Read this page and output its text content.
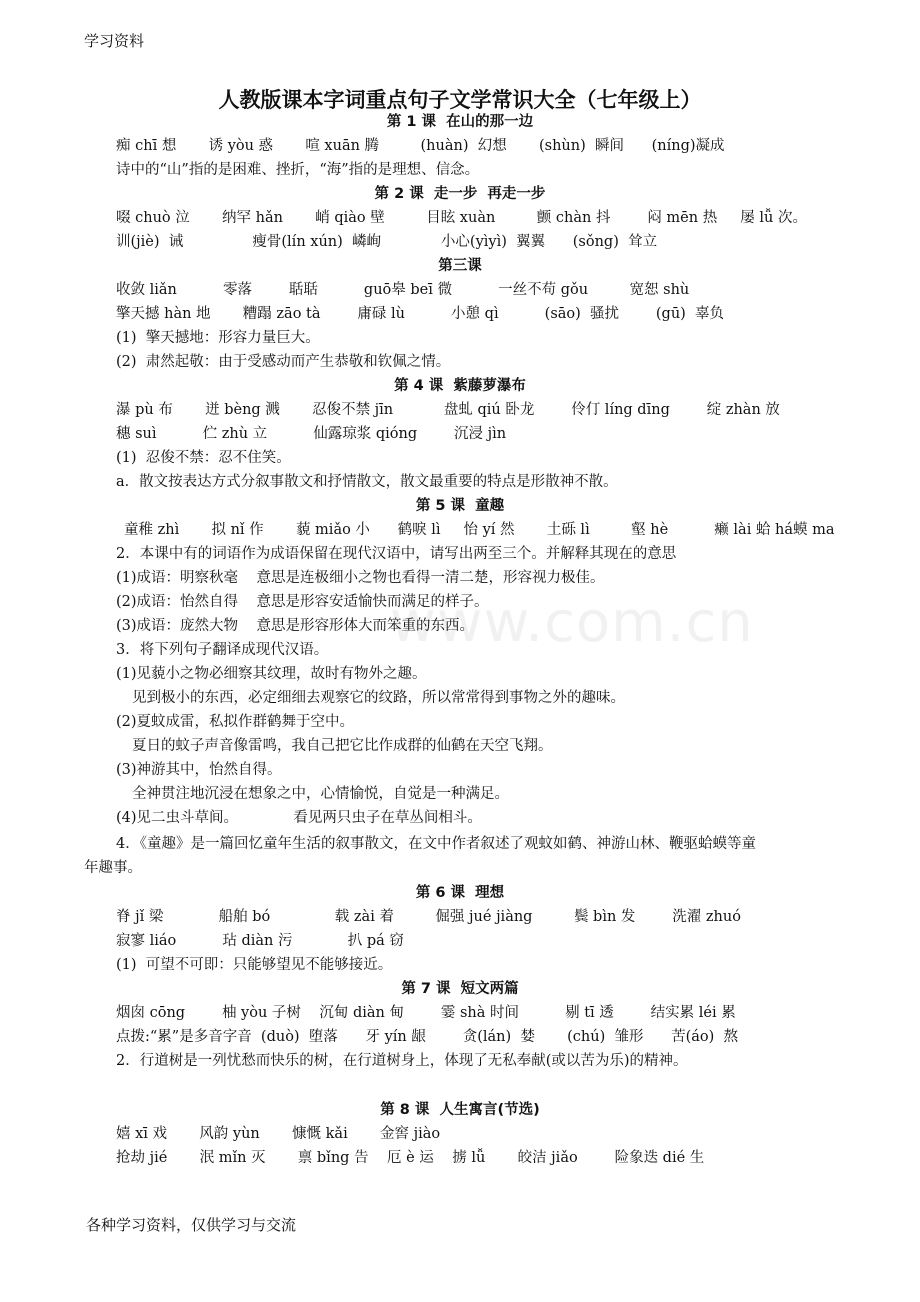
学习资料
www.com.cn
人教版课本字词重点句子文学常识大全（七年级上）
第 1 课  在山的那一边
痴 chī 想       诱 yòu 惑       喧 xuān 腾         (huàn)  幻想       (shùn)  瞬间      (níng)凝成
诗中的“山”指的是困难、挫折，“海”指的是理想、信念。
第 2 课  走一步  再走一步
啜 chuò 泣       纳罕 hǎn       峭 qiào 壁         目眩 xuàn         颤 chàn 抖        闷 mēn 热     屡 lǚ 次。
训(jiè)  诫               瘦骨(lín xún)  嶙峋             小心(yìyì)  翼翼      (sǒng)  耸立
第三课
收敛 liǎn          零落        聒聒          guō皋 beī 微          一丝不苟 gǒu         宽恕 shù
擎天撼 hàn 地       糟蹋 zāo tà        庸碌 lù          小憩 qì          (sāo)  骚扰        (gū)  辜负
(1)  擎天撼地：形容力量巨大。
(2)  肃然起敬：由于受感动而产生恭敬和钦佩之情。
第 4 课  紫藤萝瀑布
瀑 pù 布       迸 bèng 溅       忍俊不禁 jīn           盘虬 qiú 卧龙        伶仃 líng dīng        绽 zhàn 放
穗 suì          伫 zhù 立          仙露琼浆 qióng        沉浸 jìn
(1)  忍俊不禁：忍不住笑。
a．散文按表达方式分叙事散文和抒情散文，散文最重要的特点是形散神不散。
第 5 课  童趣
童稚 zhì       拟 nǐ 作       藐 miǎo 小      鹤唳 lì     怡 yí 然       土砾 lì         壑 hè          癞 lài 蛤 há蟆 ma
2．本课中有的词语作为成语保留在现代汉语中，请写出两至三个。并解释其现在的意思
(1)成语：明察秋毫    意思是连极细小之物也看得一清二楚，形容视力极佳。
(2)成语：怡然自得    意思是形容安适愉快而满足的样子。
(3)成语：庞然大物    意思是形容形体大而笨重的东西。
3．将下列句子翻译成现代汉语。
(1)见藐小之物必细察其纹理，故时有物外之趣。
见到极小的东西，必定细细去观察它的纹路，所以常常得到事物之外的趣味。
(2)夏蚊成雷，私拟作群鹤舞于空中。
夏日的蚊子声音像雷鸣，我自己把它比作成群的仙鹤在天空飞翔。
(3)神游其中，怡然自得。
全神贯注地沉浸在想象之中，心情愉悦，自觉是一种满足。
(4)见二虫斗草间。            看见两只虫子在草丛间相斗。
4．《童趣》是一篇回忆童年生活的叙事散文，在文中作者叙述了观蚊如鹤、神游山林、鞭驱蛤蟆等童
年趣事。
第 6 课  理想
脊 jǐ 梁            船舶 bó              载 zài 着         倔强 jué jiàng         鬓 bìn 发        洗濯 zhuó
寂寥 liáo          玷 diàn 污            扒 pá 窃
(1)  可望不可即：只能够望见不能够接近。
第 7 课  短文两篇
烟囱 cōng        柚 yòu 子树    沉甸 diàn 甸        霎 shà 时间          剔 tī 透        结实累 léi 累
点拨:“累”是多音字音  (duò)  堕落      牙 yín 龈        贪(lán)  婪       (chú)  雏形      苦(áo)  熬
2．行道树是一列忧愁而快乐的树，在行道树身上，体现了无私奉献(或以苦为乐)的精神。
第 8 课  人生寓言(节选)
嬉 xī 戏       风韵 yùn       慷慨 kǎi       金窖 jiào
抢劫 jié       泯 mǐn 灭       禀 bǐng 告    厄 è 运    掳 lǚ       皎洁 jiǎo        险象迭 dié 生
各种学习资料，仅供学习与交流
